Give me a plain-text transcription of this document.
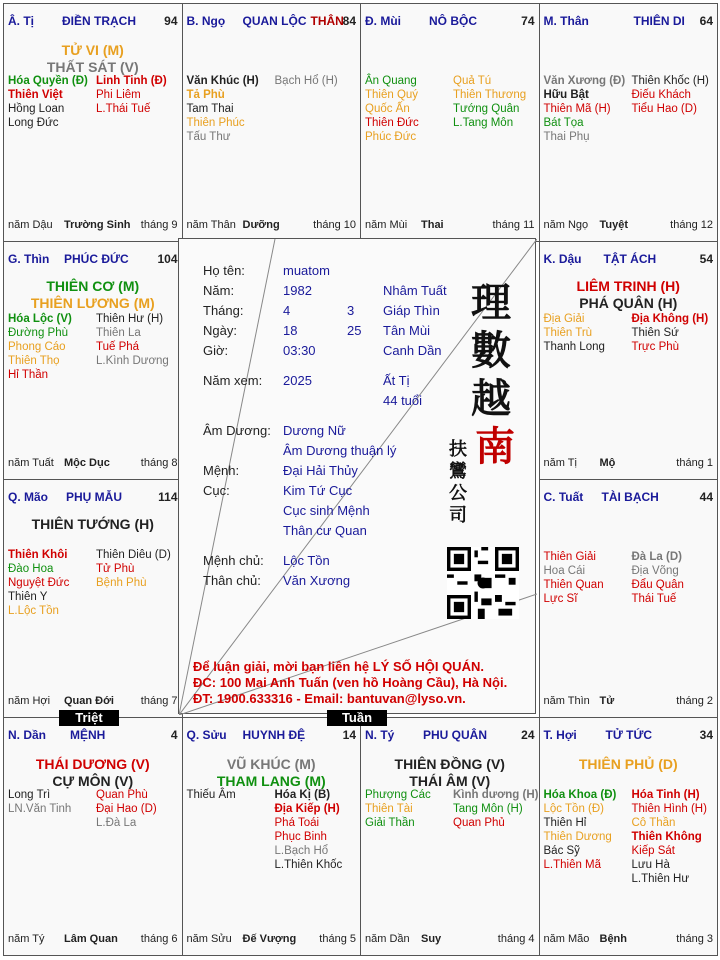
Â. Tị ĐIỀN TRẠCH 94
TỬ VI (M)
THẤT SÁT (V)
Hóa Quyền (Đ)
Thiên Việt
Hồng Loan
Long Đức
Linh Tinh (Đ)
Phi Liêm
L.Thái Tuế
năm Dậu Trường Sinh tháng 9
B. Ngọ QUAN LỘC THÂN
84
Văn Khúc (H)
Tả Phù
Tam Thai
Thiên Phúc
Tấu Thư
Bạch Hổ (H)
năm Thân Dưỡng	tháng 10
Đ. Mùi NÔ BỘC	74
Ân Quang
Thiên Quý
Quốc Ấn
Thiên Đức
Phúc Đức
Quả Tú
Thiên Thương
Tướng Quân
L.Tang Môn
năm Mùi Thai	tháng 11
M. Thân	THIÊN DI 64
Văn Xương (Đ)
Hữu Bật
Thiên Mã (H)
Bát Tọa
Thai Phụ
Thiên Khốc (H)
Điếu Khách
Tiểu Hao (D)
năm Ngọ Tuyệt	tháng 12
G. Thìn PHÚC ĐỨC 104
THIÊN CƠ (M)
THIÊN LƯƠNG (M)
Hóa Lộc (V)
Đường Phù
Phong Cáo
Thiên Thọ
Hỉ Thần
Thiên Hư (H)
Thiên La
Tuế Phá
L.Kình Dương
năm Tuất Mộc Dục	tháng 8
K. Dậu TẬT ÁCH	54
LIÊM TRINH (H)
PHÁ QUÂN (H)
Địa Giải
Thiên Trù
Thanh Long
Địa Không (H)
Thiên Sứ
Trực Phù
năm Tị Mộ	tháng 1
Q. Mão PHỤ MẪU	114
THIÊN TƯỚNG (H)
Thiên Khôi
Đào Hoa
Nguyệt Đức
Thiên Y
L.Lộc Tồn
Thiên Diêu (D)
Tử Phù
Bệnh Phù
năm Hợi Quan Đới tháng 7
C. Tuất TÀI BẠCH	44
Thiên Giải
Hoa Cái
Thiên Quan
Lực Sĩ
Đà La (D)
Địa Võng
Đẩu Quân
Thái Tuế
năm Thìn Tử	tháng 2
N. Dần MỆNH	4
THÁI DƯƠNG (V)
CỰ MÔN (V)
Long Trì
LN.Văn Tinh
Quan Phù
Đại Hao (D)
L.Đà La
năm Tý Lâm Quan tháng 6
Q. Sửu HUYNH ĐỆ	14
VŨ KHÚC (M)
THAM LANG (M)
Thiếu Âm	Hóa Kị (B)
Địa Kiếp (H)
Phá Toái
Phục Binh
L.Bạch Hổ
L.Thiên Khốc
năm Sửu Đế Vượng tháng 5
N. Tý PHU QUÂN	24
THIÊN ĐỒNG (V)
THÁI ÂM (V)
Phượng Các
Thiên Tài
Giải Thần
Kình dương (H)
Tang Môn (H)
Quan Phủ
năm Dần Suy	tháng 4
T. Hợi TỬ TỨC	34
THIÊN PHỦ (D)
Hóa Khoa (Đ)
Lộc Tồn (Đ)
Thiên Hỉ
Thiên Dương
Bác Sỹ
L.Thiên Mã
Hóa Tinh (H)
Thiên Hình (H)
Cô Thần
Thiên Không
Kiếp Sát
Lưu Hà
L.Thiên Hư
năm Mão Bệnh	tháng 3
Họ tên:	muatom
Năm:	1982	Nhâm Tuất
Tháng:	4	3 Giáp Thìn
Ngày:	18	25 Tân Mùi
Giờ:	03:30	Canh Dần
Năm xem: 2025	Ất Tị
44 tuổi
Âm Dương: Dương Nữ
Âm Dương thuận lý
Mệnh:	Đại Hải Thủy
Cục:	Kim Tứ Cục
Cục sinh Mệnh
Thân cư Quan
Mệnh chủ: Lộc Tồn
Thân chủ: Văn Xương
理
數
越
南
扶
鸞
公
司
Để luận giải, mời bạn liên hệ LÝ SỐ HỘI QUÁN.
ĐC: 100 Mai Anh Tuấn (ven hồ Hoàng Cầu), Hà Nội.
ĐT: 1900.633316 - Email: bantuvan@lyso.vn.
Triệt	Tuần
